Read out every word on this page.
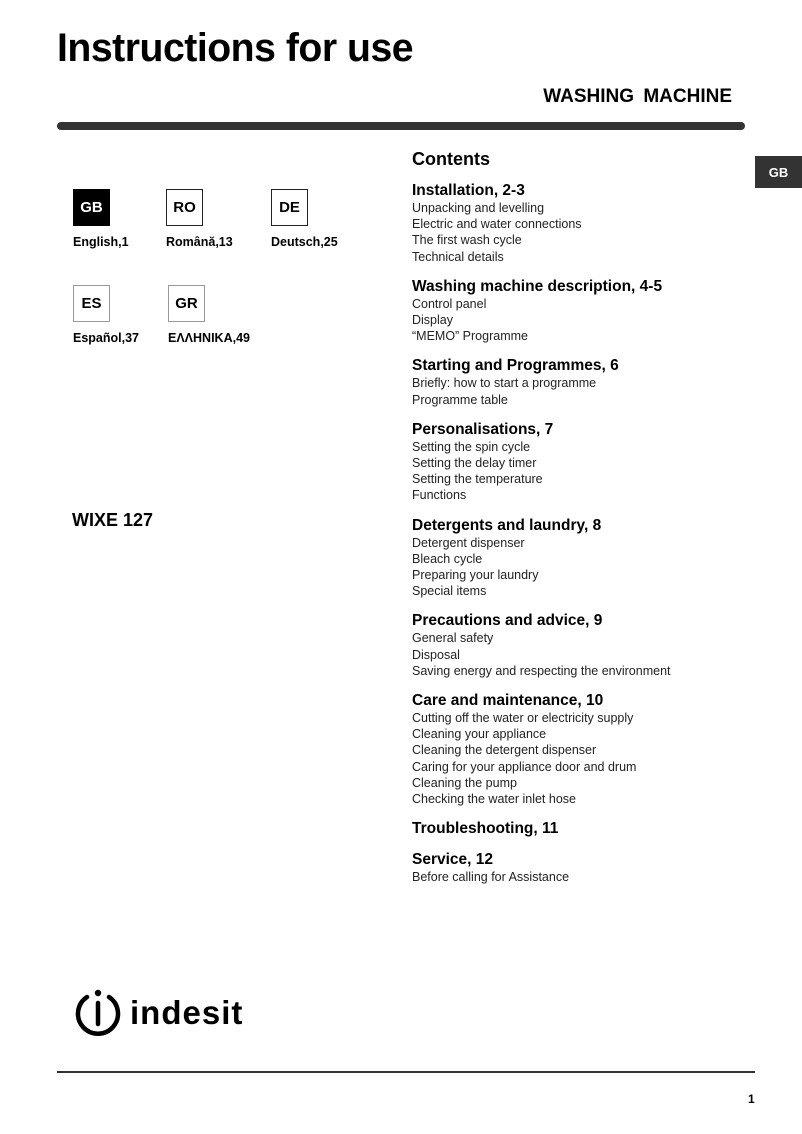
Instructions for use
WASHING MACHINE
GB
GB
English,1
RO
Română,13
DE
Deutsch,25
ES
Español,37
GR
ΕΛΛΗΝΙΚΑ,49
WIXE 127
Contents
Installation, 2-3
Unpacking and levelling
Electric and water connections
The first wash cycle
Technical details
Washing machine description, 4-5
Control panel
Display
“MEMO” Programme
Starting and Programmes, 6
Briefly: how to start a programme
Programme table
Personalisations, 7
Setting the spin cycle
Setting the delay timer
Setting the temperature
Functions
Detergents and laundry, 8
Detergent dispenser
Bleach cycle
Preparing your laundry
Special items
Precautions and advice, 9
General safety
Disposal
Saving energy and respecting the environment
Care and maintenance, 10
Cutting off the water or electricity supply
Cleaning your appliance
Cleaning the detergent dispenser
Caring for your appliance door and drum
Cleaning the pump
Checking the water inlet hose
Troubleshooting, 11
Service, 12
Before calling for Assistance
indesit
1
